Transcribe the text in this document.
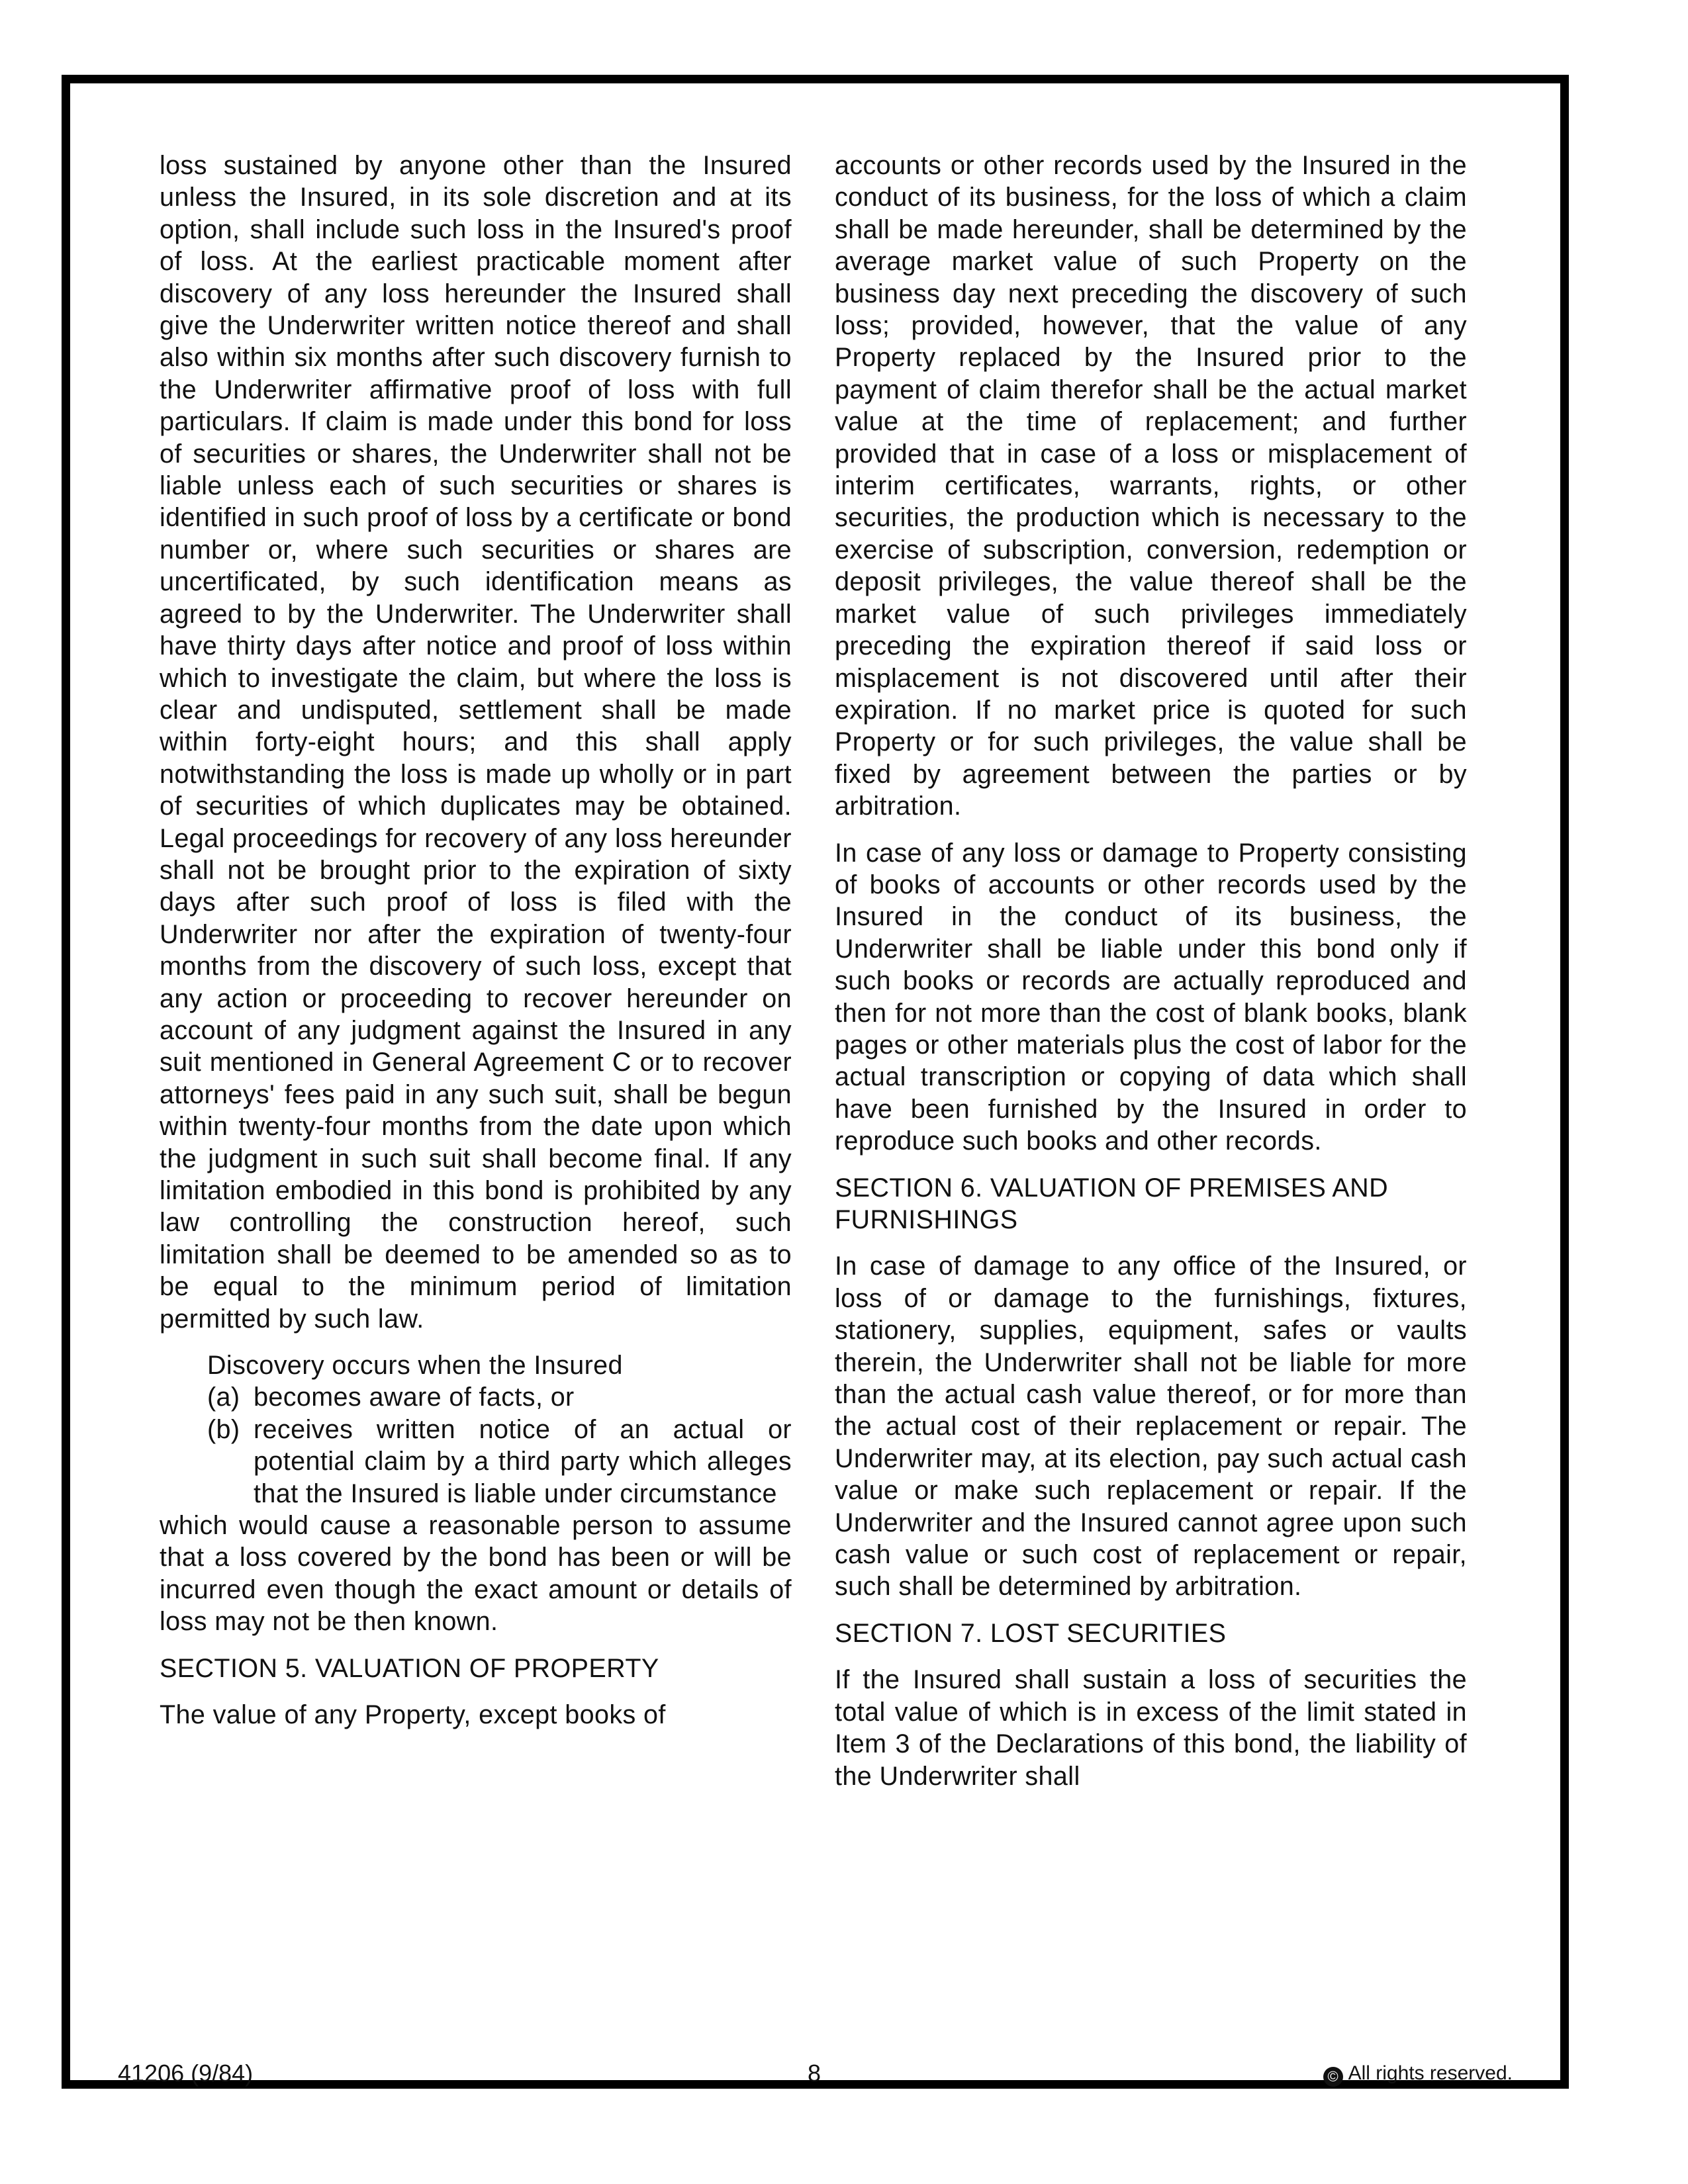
loss sustained by anyone other than the Insured unless the Insured, in its sole discretion and at its option, shall include such loss in the Insured's proof of loss. At the earliest practicable moment after discovery of any loss hereunder the Insured shall give the Underwriter written notice thereof and shall also within six months after such discovery furnish to the Underwriter affirmative proof of loss with full particulars. If claim is made under this bond for loss of securities or shares, the Underwriter shall not be liable unless each of such securities or shares is identified in such proof of loss by a certificate or bond number or, where such securities or shares are uncertificated, by such identification means as agreed to by the Underwriter. The Underwriter shall have thirty days after notice and proof of loss within which to investigate the claim, but where the loss is clear and undisputed, settlement shall be made within forty-eight hours; and this shall apply notwithstanding the loss is made up wholly or in part of securities of which duplicates may be obtained. Legal proceedings for recovery of any loss hereunder shall not be brought prior to the expiration of sixty days after such proof of loss is filed with the Underwriter nor after the expiration of twenty-four months from the discovery of such loss, except that any action or proceeding to recover hereunder on account of any judgment against the Insured in any suit mentioned in General Agreement C or to recover attorneys' fees paid in any such suit, shall be begun within twenty-four months from the date upon which the judgment in such suit shall become final. If any limitation embodied in this bond is prohibited by any law controlling the construction hereof, such limitation shall be deemed to be amended so as to be equal to the minimum period of limitation permitted by such law.

Discovery occurs when the Insured
(a) becomes aware of facts, or
(b) receives written notice of an actual or potential claim by a third party which alleges that the Insured is liable under circumstance
which would cause a reasonable person to assume that a loss covered by the bond has been or will be incurred even though the exact amount or details of loss may not be then known.
SECTION 5. VALUATION OF PROPERTY

The value of any Property, except books of

accounts or other records used by the Insured in the conduct of its business, for the loss of which a claim shall be made hereunder, shall be determined by the average market value of such Property on the business day next preceding the discovery of such loss; provided, however, that the value of any Property replaced by the Insured prior to the payment of claim therefor shall be the actual market value at the time of replacement; and further provided that in case of a loss or misplacement of interim certificates, warrants, rights, or other securities, the production which is necessary to the exercise of subscription, conversion, redemption or deposit privileges, the value thereof shall be the market value of such privileges immediately preceding the expiration thereof if said loss or misplacement is not discovered until after their expiration. If no market price is quoted for such Property or for such privileges, the value shall be fixed by agreement between the parties or by arbitration.

In case of any loss or damage to Property consisting of books of accounts or other records used by the Insured in the conduct of its business, the Underwriter shall be liable under this bond only if such books or records are actually reproduced and then for not more than the cost of blank books, blank pages or other materials plus the cost of labor for the actual transcription or copying of data which shall have been furnished by the Insured in order to reproduce such books and other records.

SECTION 6. VALUATION OF PREMISES AND FURNISHINGS

In case of damage to any office of the Insured, or loss of or damage to the furnishings, fixtures, stationery, supplies, equipment, safes or vaults therein, the Underwriter shall not be liable for more than the actual cash value thereof, or for more than the actual cost of their replacement or repair. The Underwriter may, at its election, pay such actual cash value or make such replacement or repair. If the Underwriter and the Insured cannot agree upon such cash value or such cost of replacement or repair, such shall be determined by arbitration.

SECTION 7. LOST SECURITIES

If the Insured shall sustain a loss of securities the total value of which is in excess of the limit stated in Item 3 of the Declarations of this bond, the liability of the Underwriter shall

41206 (9/84)	8	© All rights reserved.
